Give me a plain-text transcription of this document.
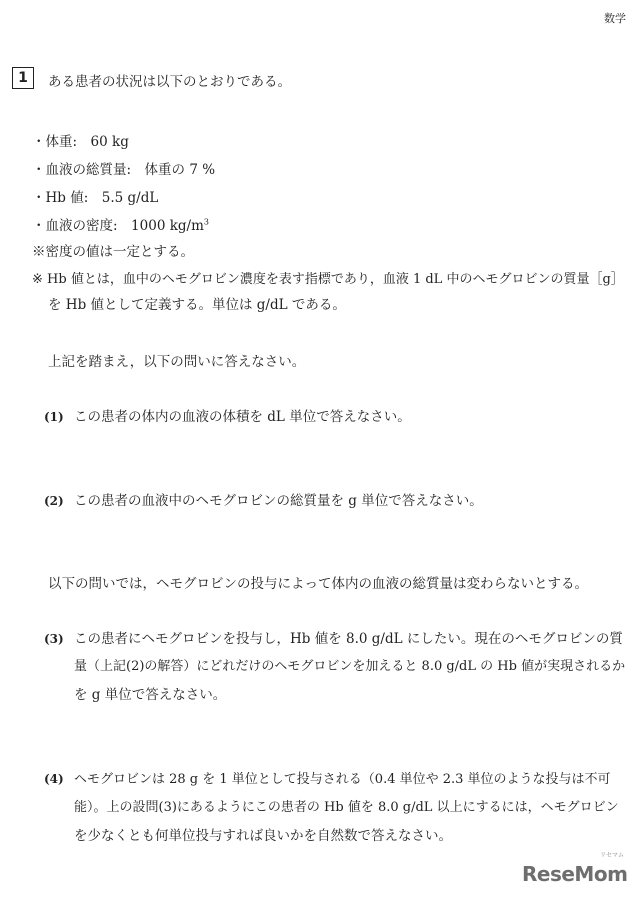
数学
1	ある患者の状況は以下のとおりである。
・体重:　60 kg
・血液の総質量:　体重の 7 %
・Hb 値:　5.5 g/dL
・血液の密度:　1000 $kg/m^3$
※密度の値は一定とする。
※ Hb 値とは，血中のヘモグロビン濃度を表す指標であり，血液 1 dL 中のヘモグロビンの質量［g］
を Hb 値として定義する。単位は g/dL である。
上記を踏まえ，以下の問いに答えなさい。
(1) この患者の体内の血液の体積を dL 単位で答えなさい。
(2) この患者の血液中のヘモグロビンの総質量を g 単位で答えなさい。
以下の問いでは，ヘモグロビンの投与によって体内の血液の総質量は変わらないとする。
(3) この患者にヘモグロビンを投与し，Hb 値を 8.0 g/dL にしたい。現在のヘモグロビンの質
量（上記(2)の解答）にどれだけのヘモグロビンを加えると 8.0 g/dL の Hb 値が実現されるか
を g 単位で答えなさい。
(4) ヘモグロビンは 28 g を 1 単位として投与される（0.4 単位や 2.3 単位のような投与は不可
能）。上の設問(3)にあるようにこの患者の Hb 値を 8.0 g/dL 以上にするには，ヘモグロビン
を少なくとも何単位投与すれば良いかを自然数で答えなさい。
リセマム
ReseMom
